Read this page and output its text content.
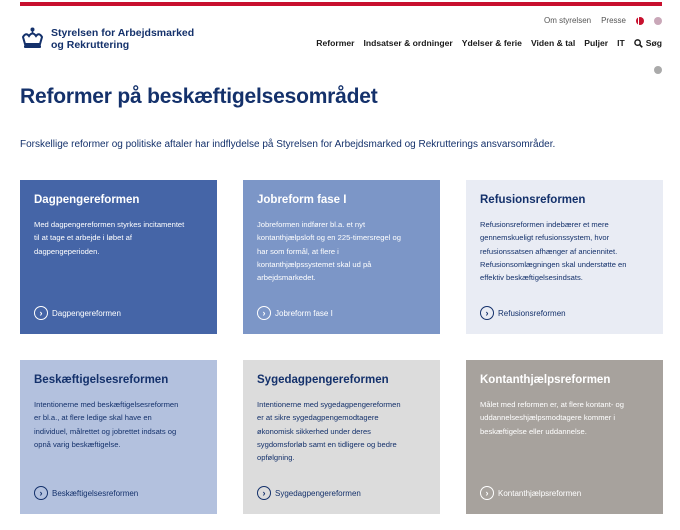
Om styrelsen Presse
Styrelsen for Arbejdsmarked
og Rekruttering	Reformer Indsatser & ordninger Ydelser & ferie Viden & tal Puljer IT Søg
Reformer på beskæftigelsesområdet
Forskellige reformer og politiske aftaler har indflydelse på Styrelsen for Arbejdsmarked og Rekrutterings ansvarsområder.
Dagpengereformen

Med dagpengereformen styrkes incitamentet
til at tage et arbejde i løbet af
dagpengeperioden.

›	Dagpengereformen
Jobreform fase I

Jobreformen indfører bl.a. et nyt
kontanthjælpsloft og en 225-timersregel og
har som formål, at flere i
kontanthjælpssystemet skal ud på
arbejdsmarkedet.

›	Jobreform fase I
Refusionsreformen

Refusionsreformen indebærer et mere
gennemskueligt refusionssystem, hvor
refusionssatsen afhænger af anciennitet.
Refusionsomlægningen skal understøtte en
effektiv beskæftigelsesindsats.

›	Refusionsreformen
Beskæftigelsesreformen

Intentionerne med beskæftigelsesreformen
er bl.a., at flere ledige skal have en
individuel, målrettet og jobrettet indsats og
opnå varig beskæftigelse.

›	Beskæftigelsesreformen
Sygedagpengereformen

Intentionerne med sygedagpengereformen
er at sikre sygedagpengemodtagere
økonomisk sikkerhed under deres
sygdomsforløb samt en tidligere og bedre
opfølgning.

›	Sygedagpengereformen
Kontanthjælpsreformen

Målet med reformen er, at flere kontant- og
uddannelseshjælpsmodtagere kommer i
beskæftigelse eller uddannelse.

›	Kontanthjælpsreformen
